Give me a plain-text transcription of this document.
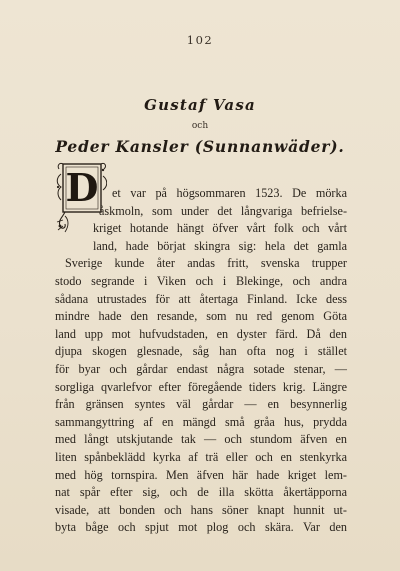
102
Gustaf Vasa
och
Peder Kansler (Sunnanwäder).
D	et var på högsommaren 1523. De mörka
åskmoln, som under det långvariga befrielse-
kriget hotande hängt öfver vårt folk och vårt
land, hade börjat skingra sig: hela det gamla
Sverige kunde åter andas fritt, svenska trupper
stodo segrande i Viken och i Blekinge, och andra
sådana utrustades för att återtaga Finland. Icke dess
mindre hade den resande, som nu red genom Göta
land upp mot hufvudstaden, en dyster färd. Då den
djupa skogen glesnade, såg han ofta nog i stället
för byar och gårdar endast några sotade stenar, —
sorgliga qvarlefvor efter föregående tiders krig. Längre
från gränsen syntes väl gårdar — en besynnerlig
sammangyttring af en mängd små gråa hus, prydda
med långt utskjutande tak — och stundom äfven en
liten spånbeklädd kyrka af trä eller och en stenkyrka
med hög tornspira. Men äfven här hade kriget lem-
nat spår efter sig, och de illa skötta åkertäpporna
visade, att bonden och hans söner knapt hunnit ut-
byta båge och spjut mot plog och skära. Var den
